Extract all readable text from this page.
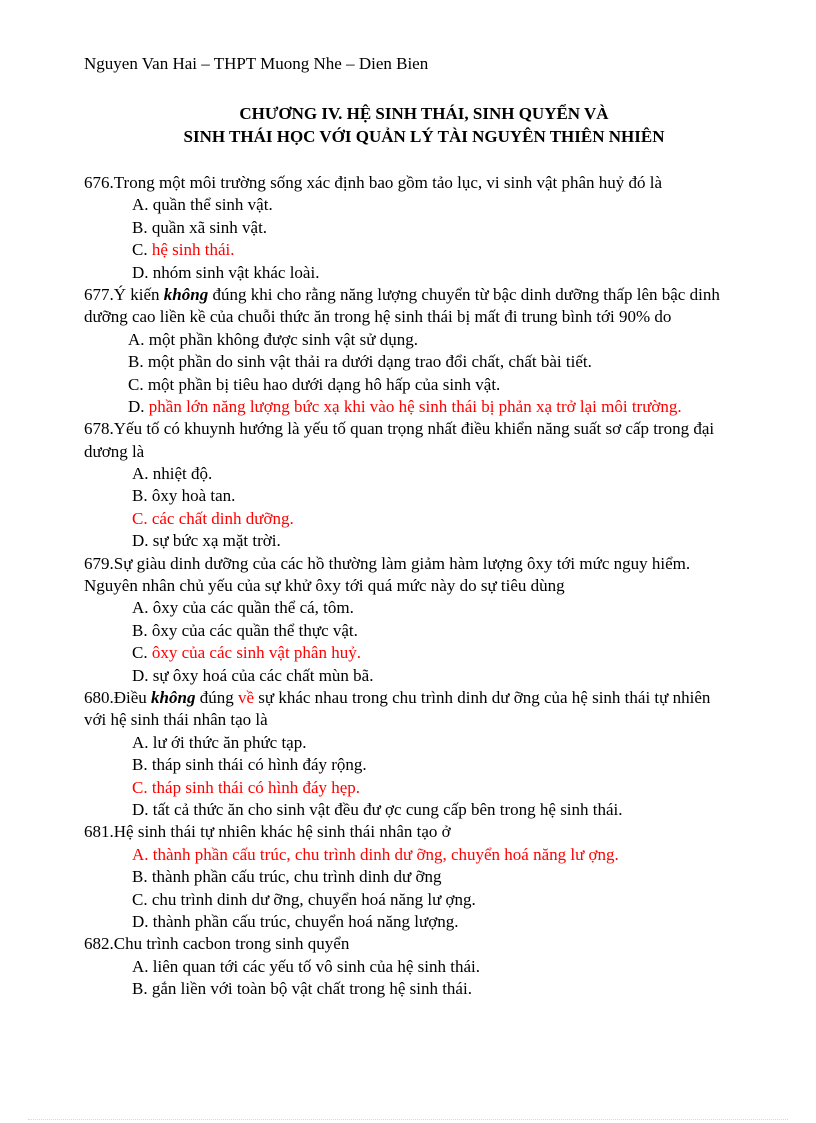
Nguyen Van Hai – THPT Muong Nhe – Dien Bien
CHƯƠNG IV. HỆ SINH THÁI, SINH QUYỂN VÀ
SINH THÁI HỌC VỚI QUẢN LÝ TÀI NGUYÊN THIÊN NHIÊN
676.Trong một môi trường sống xác định bao gồm tảo lục, vi sinh vật phân huỷ đó là
A. quần thể sinh vật.
B. quần xã sinh vật.
C. hệ sinh thái.
D. nhóm sinh vật khác loài.
677.Ý kiến không đúng khi cho rằng năng lượng chuyển từ bậc dinh dưỡng thấp lên bậc dinh
dưỡng cao liền kề của chuỗi thức ăn trong hệ sinh thái bị mất đi trung bình tới 90% do
A. một phần không được sinh vật sử dụng.
B. một phần do sinh vật thải ra dưới dạng trao đổi chất, chất bài tiết.
C. một phần bị tiêu hao dưới dạng hô hấp của sinh vật.
D. phần lớn năng lượng bức xạ khi vào hệ sinh thái bị phản xạ trở lại môi trường.
678.Yếu tố có khuynh hướng là yếu tố quan trọng nhất điều khiển năng suất sơ cấp trong đại
dương là
A. nhiệt độ.
B. ôxy hoà tan.
C. các chất dinh dưỡng.
D. sự bức xạ mặt trời.
679.Sự giàu dinh dưỡng của các hồ thường làm giảm hàm lượng ôxy tới mức nguy hiểm.
Nguyên nhân chủ yếu của sự khử ôxy tới quá mức này do sự tiêu dùng
A. ôxy của các quần thể cá, tôm.
B. ôxy của các quần thể thực vật.
C. ôxy của các sinh vật phân huỷ.
D. sự ôxy hoá của các chất mùn bã.
680.Điều không đúng về sự khác nhau trong chu trình dinh dư ỡng của hệ sinh thái tự nhiên
với hệ sinh thái nhân tạo là
A. lư ới thức ăn phức tạp.
B. tháp sinh thái có hình đáy rộng.
C. tháp sinh thái có hình đáy hẹp.
D. tất cả thức ăn cho sinh vật đều đư ợc cung cấp bên trong hệ sinh thái.
681.Hệ sinh thái tự nhiên khác hệ sinh thái nhân tạo ở
A. thành phần cấu trúc, chu trình dinh dư ỡng, chuyển hoá năng lư ợng.
B. thành phần cấu trúc, chu trình dinh dư ỡng
C. chu trình dinh dư ỡng, chuyển hoá năng lư ợng.
D. thành phần cấu trúc, chuyển hoá năng lượng.
682.Chu trình cacbon trong sinh quyển
A. liên quan tới các yếu tố vô sinh của hệ sinh thái.
B. gắn liền với toàn bộ vật chất trong hệ sinh thái.
